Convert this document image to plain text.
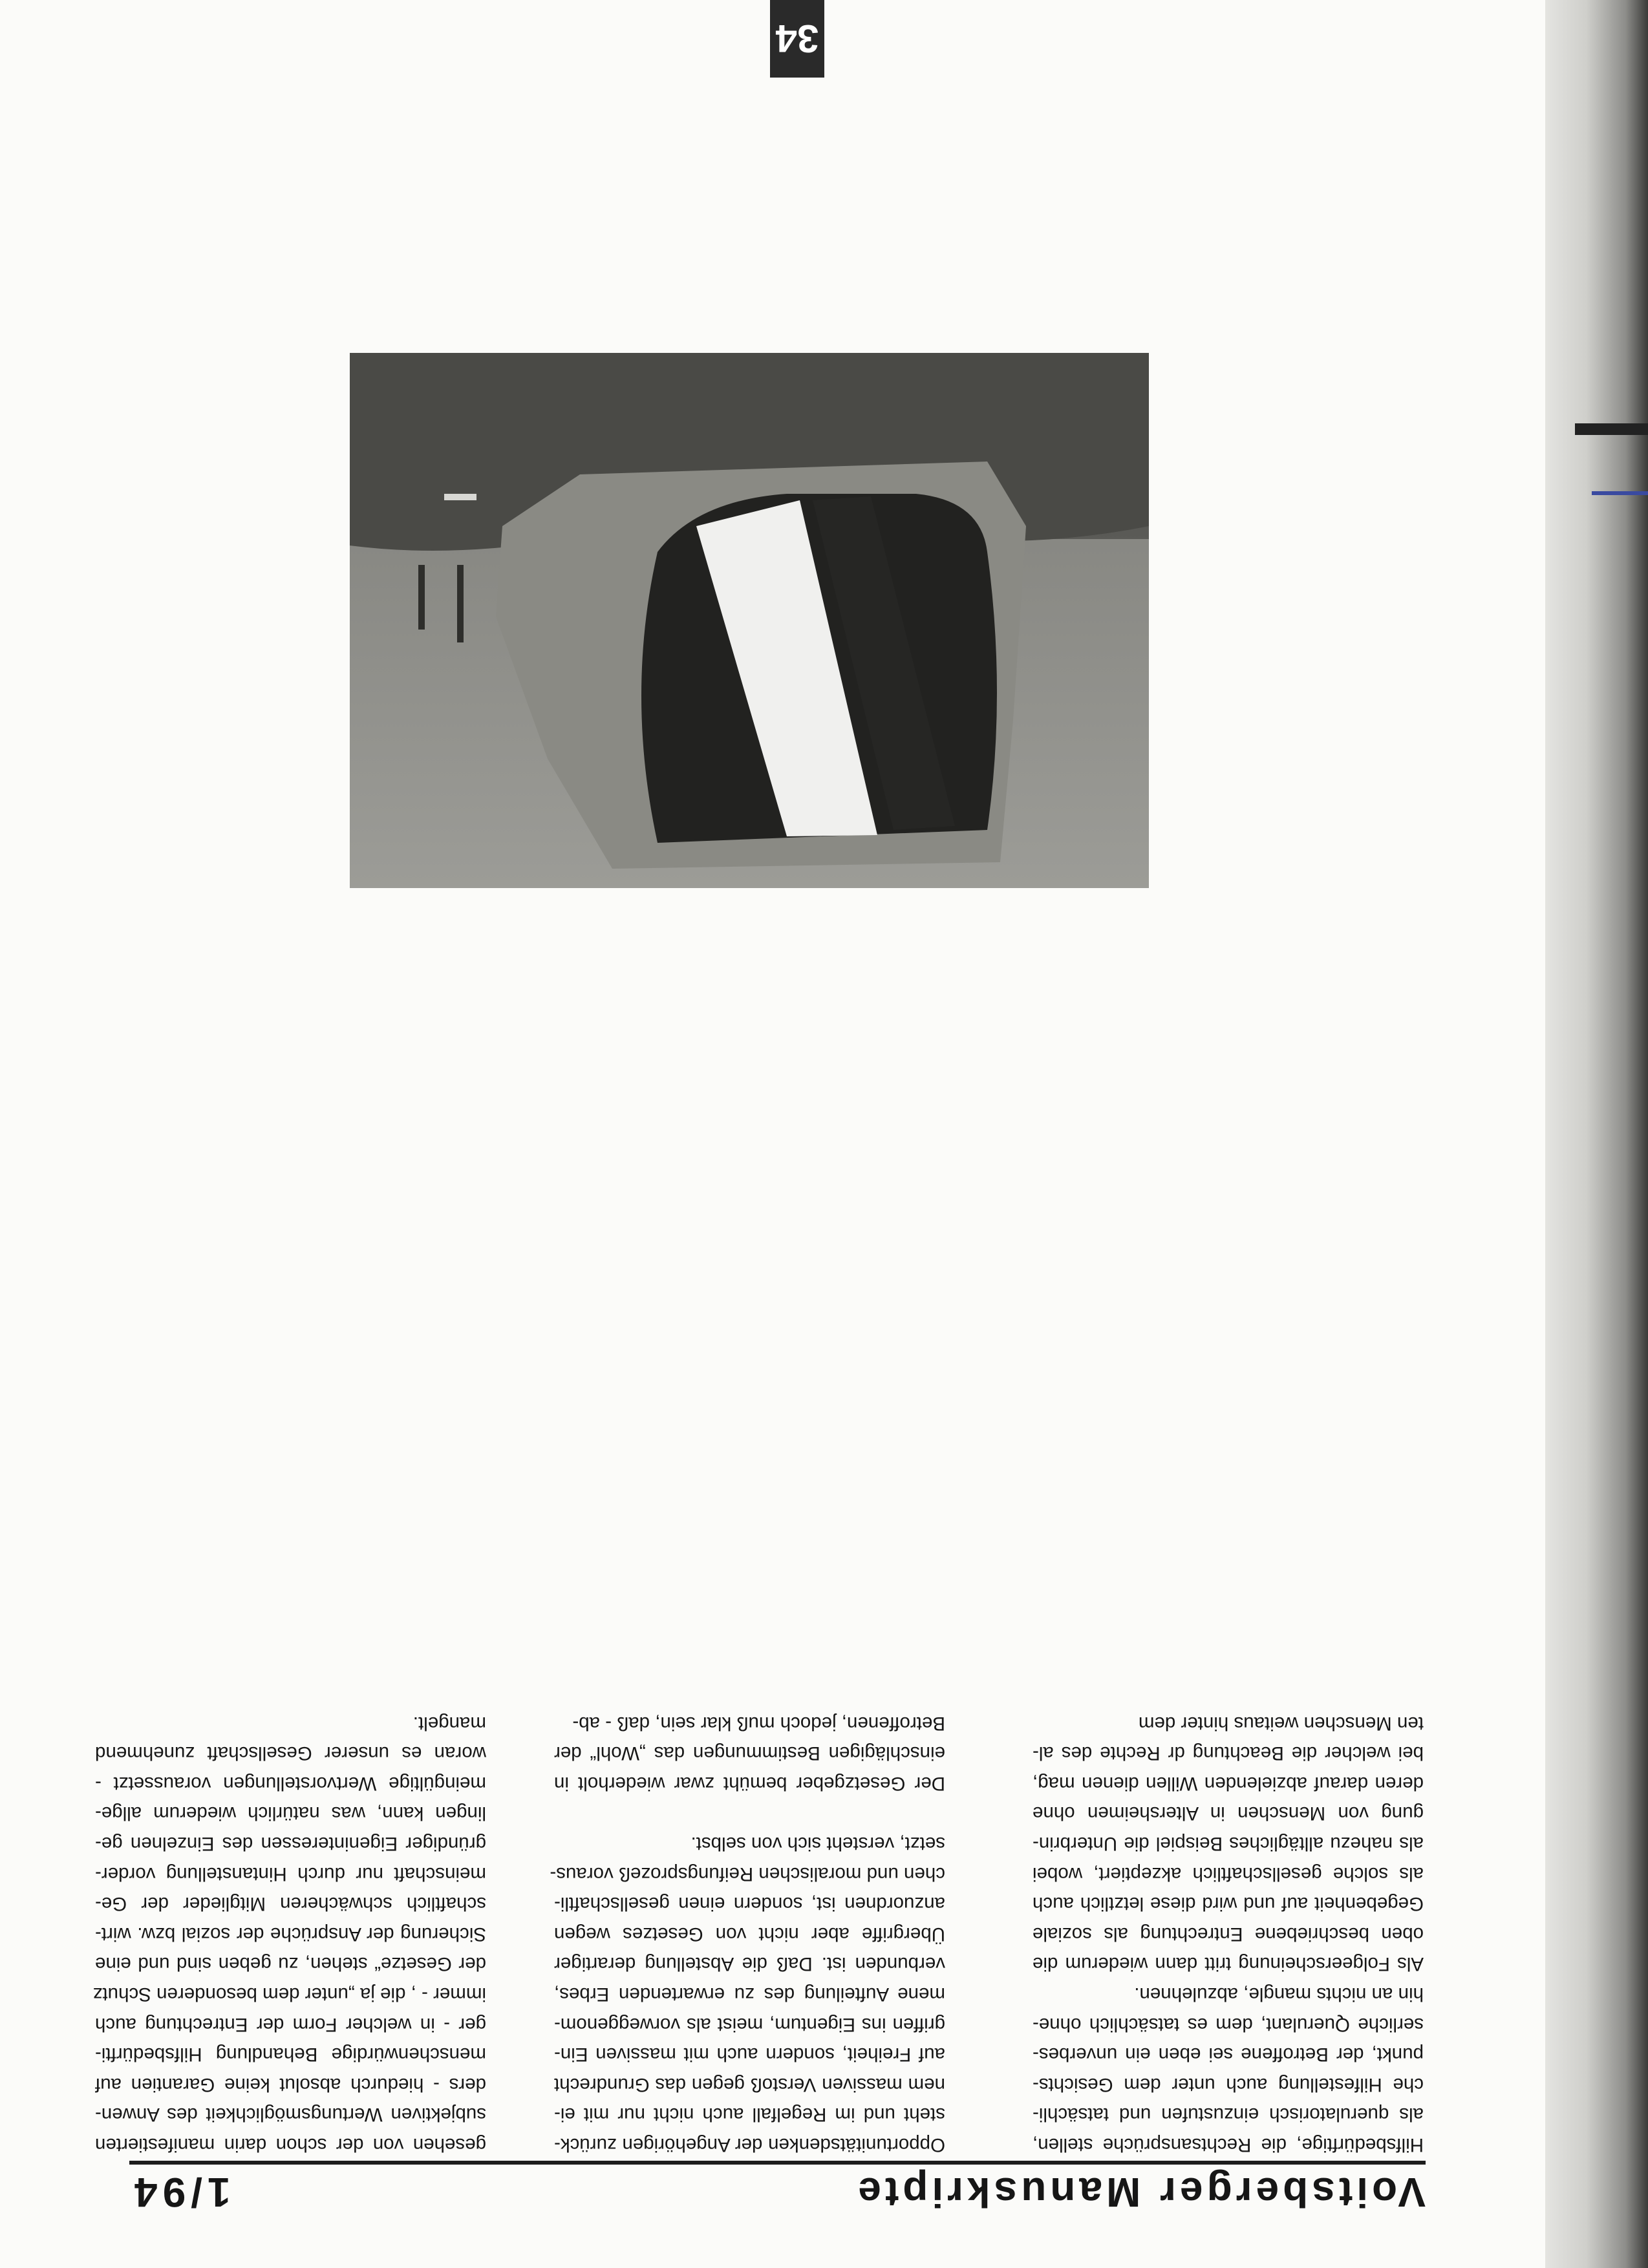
Voitsberger Manuskripte
1/94
Hilfsbedürftige, die Rechtsansprüche stellen,
als querulatorisch einzustufen und tatsächli-
che Hilfestellung auch unter dem Gesichts-
punkt, der Betroffene sei eben ein unverbes-
serliche Querulant, dem es tatsächlich ohne-
hin an nichts mangle, abzulehnen.
Als Folgeerscheinung tritt dann wiederum die
oben beschriebene Entrechtung als soziale
Gegebenheit auf und wird diese letztlich auch
als solche gesellschaftlich akzeptiert, wobei
als nahezu alltägliches Beispiel die Unterbrin-
gung von Menschen in Altersheimen ohne
deren darauf abzielenden Willen dienen mag,
bei welcher die Beachtung dr Rechte des al-
ten Menschen weitaus hinter dem
Opportunitätsdenken der Angehörigen zurück-
steht und im Regelfall auch nicht nur mit ei-
nem massiven Verstoß gegen das Grundrecht
auf Freiheit, sondern auch mit massiven Ein-
griffen ins Eigentum, meist als vorweggenom-
mene Aufteilung des zu erwartenden Erbes,
verbunden ist. Daß die Abstellung derartiger
Übergriffe aber nicht von Gesetzes wegen
anzuordnen ist, sondern einen gesellschaftli-
chen und moralischen Reifungsprozeß voraus-
setzt, versteht sich von selbst.
Der Gesetzgeber bemüht zwar wiederholt in
einschlägigen Bestimmungen das „Wohl“ der
Betroffenen, jedoch muß klar sein, daß - ab-
gesehen von der schon darin manifestierten
subjektiven Wertungsmöglichkeit des Anwen-
ders - hiedurch absolut keine Garantien auf
menschenwürdige Behandlung Hilfsbedürfti-
ger - in welcher Form der Entrechtung auch
immer - , die ja „unter dem besonderen Schutz
der Gesetze“ stehen, zu geben sind und eine
Sicherung der Ansprüche der sozial bzw. wirt-
schaftlich schwächeren Mitglieder der Ge-
meinschaft nur durch Hintanstellung vorder-
gründiger Eigeninteressen des Einzelnen ge-
lingen kann, was natürlich wiederum allge-
meingültige Wertvorstellungen voraussetzt -
woran es unserer Gesellschaft zunehmend
mangelt.
34
